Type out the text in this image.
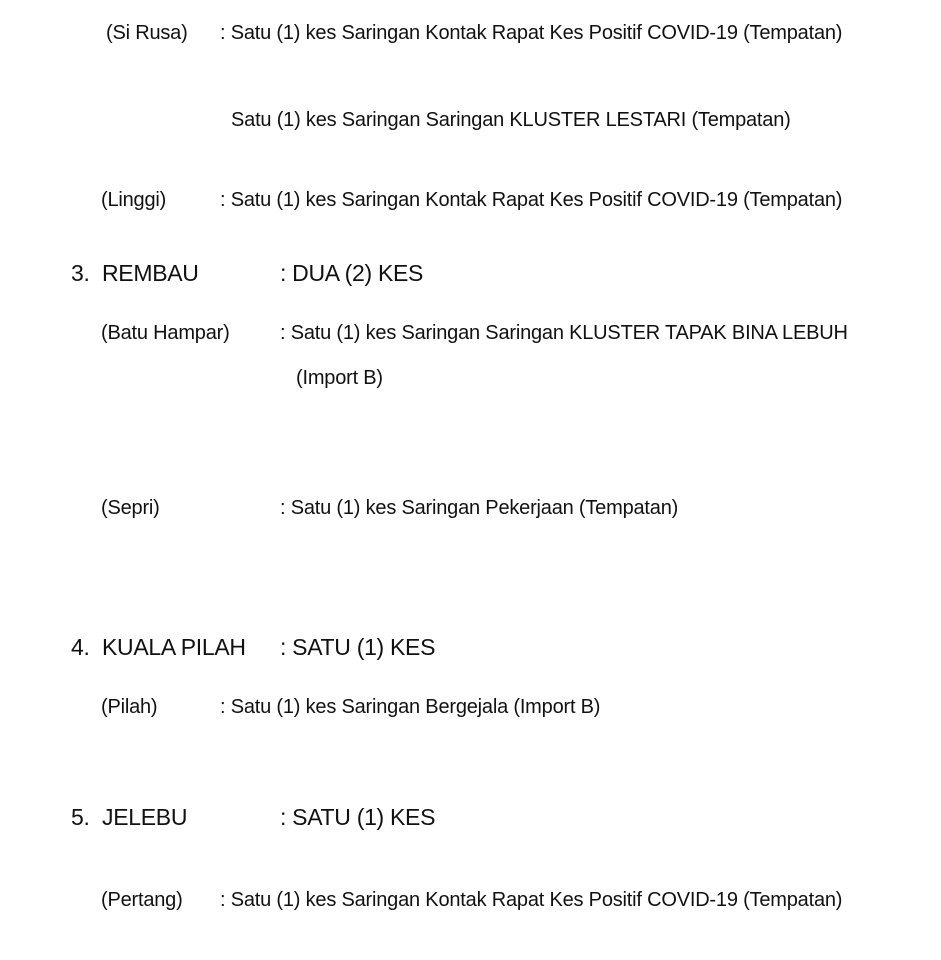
(Si Rusa) : Satu (1) kes Saringan Kontak Rapat Kes Positif COVID-19 (Tempatan)
Satu (1) kes Saringan Saringan KLUSTER LESTARI (Tempatan)
(Linggi)	: Satu (1) kes Saringan Kontak Rapat Kes Positif COVID-19 (Tempatan)
3. REMBAU	: DUA (2) KES
(Batu Hampar)	: Satu (1) kes Saringan Saringan KLUSTER TAPAK BINA LEBUH
(Import B)
(Sepri)	: Satu (1) kes Saringan Pekerjaan (Tempatan)
4. KUALA PILAH : SATU (1) KES
(Pilah)	: Satu (1) kes Saringan Bergejala (Import B)
5. JELEBU	: SATU (1) KES
(Pertang) : Satu (1) kes Saringan Kontak Rapat Kes Positif COVID-19 (Tempatan)
